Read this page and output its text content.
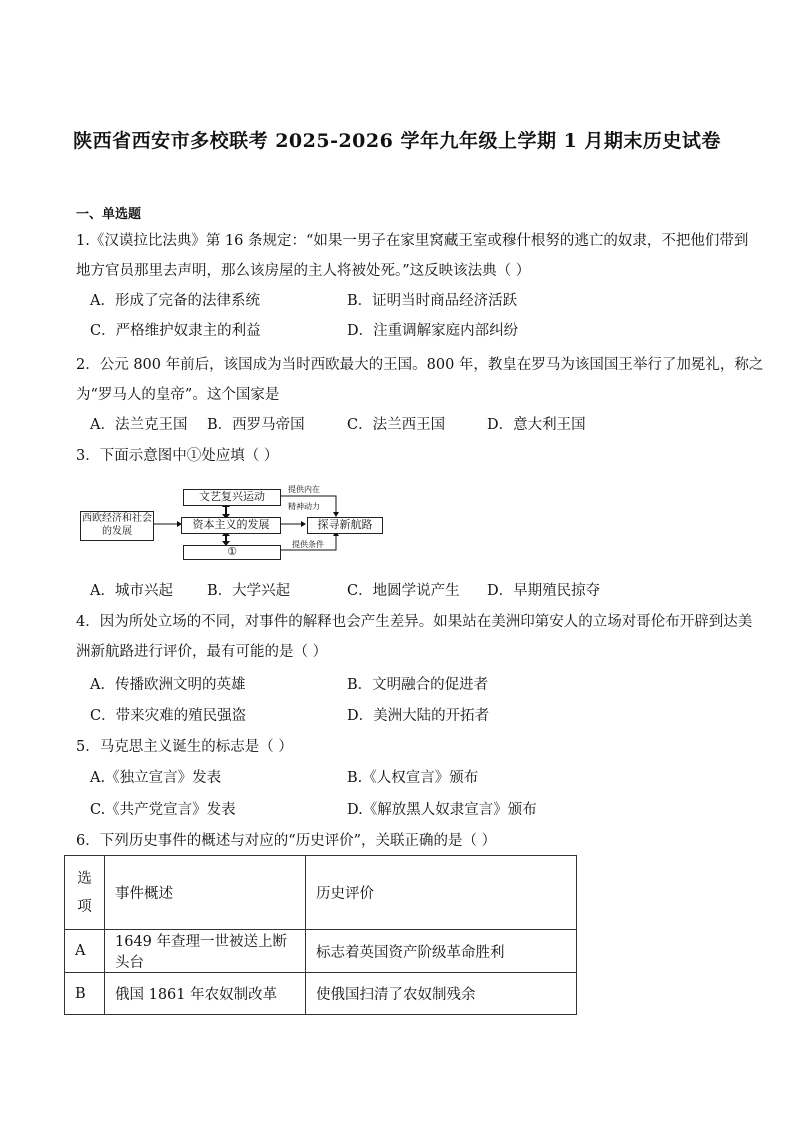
陕西省西安市多校联考 2025-2026 学年九年级上学期 1 月期末历史试卷
一、单选题
1.《汉谟拉比法典》第 16 条规定：“如果一男子在家里窝藏王室或穆什根努的逃亡的奴隶，不把他们带到
地方官员那里去声明，那么该房屋的主人将被处死。”这反映该法典（ ）
A．形成了完备的法律系统	B．证明当时商品经济活跃
C．严格维护奴隶主的利益	D．注重调解家庭内部纠纷
2．公元 800 年前后，该国成为当时西欧最大的王国。800 年，教皇在罗马为该国国王举行了加冕礼，称之
为“罗马人的皇帝”。这个国家是
A．法兰克王国 B．西罗马帝国	C．法兰西王国	D．意大利王国
3．下面示意图中①处应填（ ）
文艺复兴运动
西欧经济和社会的发展
资本主义的发展	探寻新航路
①
提供内在
精神动力
提供条件
A．城市兴起 B．大学兴起	C．地圆学说产生 D．早期殖民掠夺
4．因为所处立场的不同，对事件的解释也会产生差异。如果站在美洲印第安人的立场对哥伦布开辟到达美
洲新航路进行评价，最有可能的是（ ）
A．传播欧洲文明的英雄	B．文明融合的促进者
C．带来灾难的殖民强盗	D．美洲大陆的开拓者
5．马克思主义诞生的标志是（ ）
A.《独立宣言》发表	B.《人权宣言》颁布
C.《共产党宣言》发表	D.《解放黑人奴隶宣言》颁布
6．下列历史事件的概述与对应的“历史评价”，关联正确的是（ ）
选项	事件概述	历史评价
A	1649 年查理一世被送上断头台	标志着英国资产阶级革命胜利
B	俄国 1861 年农奴制改革	使俄国扫清了农奴制残余
